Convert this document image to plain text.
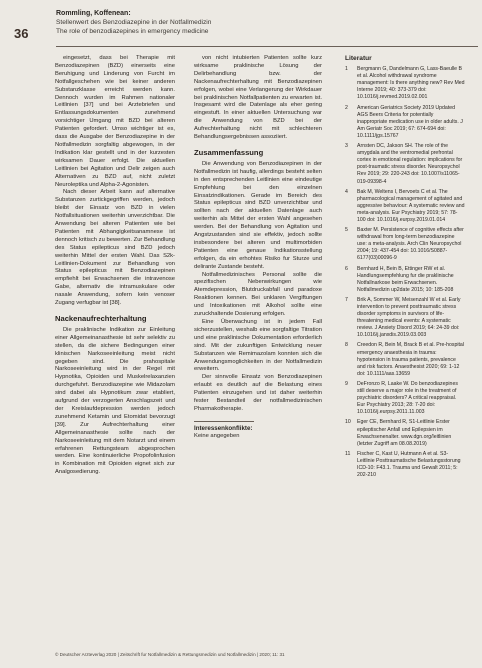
36
Rommling, Koffenean:
Stellenwert des Benzodiazepine in der Notfallmedizin
The role of benzodiazepines in emergency medicine

eingesetzt, dass bei Therapie mit Benzodiazepinen (BZD) einerseits eine Beruhigung und Linderung von Furcht im Notfallgeschehen wie bei keiner anderen Substanzklasse erreicht werden kann. Dennoch wurden im Rahmen nationaler Leitlinien [37] und bei Arztebriefen und Entlassungsdokumenten zunehmend vorsichtiger Umgang mit BZD bei alteren Patienten gefordert. Umso wichtiger ist es, dass die Ausgabe der Benzodiazepine in der Notfallmedizin sorgfaltig abgewogen, in der Indikation klar gestellt und in der kurzesten wirksamen Dauer erfolgt. Die aktuellen Leitlinien bei Agitation und Delir zeigen auch Alternativen zu BZD auf, nicht zuletzt Neuroleptika und Alpha-2-Agonisten.

Nach dieser Arbeit kann auf alternative Substanzen zurtickgegriffen werden, jedoch bleibt der Einsatz von BZD in vielen Notfallsituationen weiterhin unverzichtbar. Die Anwendung bei alteren Patienten wie bei Patienten mit Abhangigkeitsanamnese ist dennoch kritisch zu bewerten. Zur Behandlung des Status epilepticus sind BZD jedoch weiterhin Mittel der ersten Wahl. Das S2k-Leitlinien-Dokument zur Behandlung von Status epilepticus mit Benzodiazepinen empfiehlt bei Erwachsenen die intravenose Gabe, alternativ die intramuskulare oder nasale Anwendung, sofern kein venoser Zugang verfugbar ist [38].

Nackenaufrechterhaltung

Die praklinische Indikation zur Einleitung einer Allgemeinanasthesie ist sehr selektiv zu stellen, da die sichere Bedingungen einer klinischen Narkoseeinleitung meist nicht gegeben sind. Die prahospitale Narkoseeinleitung wird in der Regel mit Hypnotika, Opioiden und Muskelrelaxanzien durchgefuhrt. Benzodiazepine wie Midazolam sind dabei als Hypnotikum zwar etabliert, aufgrund der verzogerten Anschlagszeit und der Kreislaufdepression werden jedoch zunehmend Ketamin und Etomidat bevorzugt [39]. Zur Aufrechterhaltung einer Allgemeinanasthesie sollte nach der Narkoseeinleitung mit dem Notarzt und einem erfahrenen Rettungsteam abgesprochen werden. Eine kontinuierliche Propofolinfusion in Kombination mit Opioiden eignet sich zur Analgosedierung.

von nicht intubierten Patienten sollte kurz wirksame praklinische Lösung der Delirbehandlung bzw. der Nackenaufrechterhaltung mit Benzodiazepinen erfolgen, wobei eine Verlangerung der Wirkdauer bei praklinischen Notfallpatienten zu erwarten ist. Insgesamt wird die Datenlage als eher gering eingestuft. In einer aktuellen Untersuchung war die Anwendung von BZD bei der Aufrechterhaltung nicht mit schlechteren Behandlungsergebnissen assoziiert.

Zusammenfassung

Die Anwendung von Benzodiazepinen in der Notfallmedizin ist haufig, allerdings besteht selten in den entsprechenden Leitlinien eine eindeutige Empfehlung bei den einzelnen Einsatzindikationen. Gerade im Bereich des Status epilepticus sind BZD unverzichtbar und sollten nach der aktuellen Datenlage auch weiterhin als Mittel der ersten Wahl angesehen werden. Bei der Behandlung von Agitation und Angstzustanden sind sie effektiv, jedoch sollte insbesondere bei alteren und multimorbiden Patienten eine genaue Indikationsstellung erfolgen, da ein erhohtes Risiko fur Sturze und delirante Zustande besteht.

Notfallmedizinisches Personal sollte die spezifischen Nebenwirkungen wie Atemdepression, Blutdruckabfall und paradoxe Reaktionen kennen. Bei unklaren Vergiftungen und Intoxikationen mit Alkohol sollte eine zuruckhaltende Dosierung erfolgen.

Eine Überwachung ist in jedem Fall sicherzustellen, weshalb eine sorgfaltige Titration und eine praklinische Dokumentation erforderlich sind. Mit der zukunftigen Entwicklung neuer Substanzen wie Remimazolam konnten sich die Anwendungsmoglichkeiten in der Notfallmedizin erweitern.

Der sinnvolle Einsatz von Benzodiazepinen erlaubt es deutlich auf die Belastung eines Patienten einzugehen und ist daher weiterhin fester Bestandteil der notfallmedizinischen Pharmakotherapie.

Interessenkonflikte:
Keine angegeben
Literatur
1	Bergmann G, Dandelmann G, Lass-Baeulle B et al. Alcohol withdrawal syndrome management: Is there anything new? Rev Med Interne 2019; 40: 373-379 doi: 10.1016/j.revmed.2019.02.001
2	American Geriatrics Society 2019 Updated AGS Beers Criteria for potentially inappropriate medication use in older adults. J Am Geriatr Soc 2019; 67: 674-694 doi: 10.1111/jgs.15767
3	Arnsten DC, Jakson SH. The role of the amygdala and the ventromedial prefrontal cortex in emotional regulation: implications for post-traumatic stress disorder. Neuropsychol Rev 2019; 29: 220-243 doi: 10.1007/s11065-019-09398-4
4	Bak M, Weltens I, Bervoets C et al. The pharmacological management of agitated and aggressive behaviour: A systematic review and meta-analysis. Eur Psychiatry 2019; 57: 78-100 doi: 10.1016/j.eurpsy.2019.01.014
5	Baxter M. Persistence of cognitive effects after withdrawal from long-term benzodiazepine use: a meta-analysis. Arch Clin Neuropsychol 2004; 19: 437-454 doi: 10.1016/S0887-6177(03)00096-9
6	Bernhard H, Bein B, Ettinger RW et al. Handlungsempfehlung fur die praklinische Notfallnarkose beim Erwachsenen. Notfallmedizin up2date 2015; 10: 185-208
7	Brik A, Sommer W, Meisenzahl W et al. Early intervention to prevent posttraumatic stress disorder symptoms in survivors of life-threatening medical events: A systematic review. J Anxiety Disord 2019; 64: 24-39 doi: 10.1016/j.janxdis.2019.03.003
8	Creedon R, Bein M, Brack B et al. Pre-hospital emergency anaesthesia in trauma: hypotension in trauma patients, prevalence and risk factors. Anaesthesist 2020; 69: 1-12 doi: 10.1111/aas.13659
9	DeFronzo R, Laake W. Do benzodiazepines still deserve a major role in the treatment of psychiatric disorders? A critical reappraisal. Eur Psychiatry 2013; 28: 7-20 doi: 10.1016/j.eurpsy.2011.11.003
10	Eger CE, Bernhard R, S1-Leitlinie Erster epileptischer Anfall und Epilepsien im Erwachsenenalter. www.dgn.org/leitlinien (letzter Zugriff am 08.08.2019)
11	Fischer C, Kast U, Hutmann A et al. S3-Leitlinie Posttraumatische Belastungsstorung ICD-10: F43.1. Trauma und Gewalt 2011; 5: 202-210
© Deutscher Arzteverlag 2020 | Zeitschrift fur Notfallmedizin & Rettungsmedizin und Notfallmedizin | 2020; 11: 31
